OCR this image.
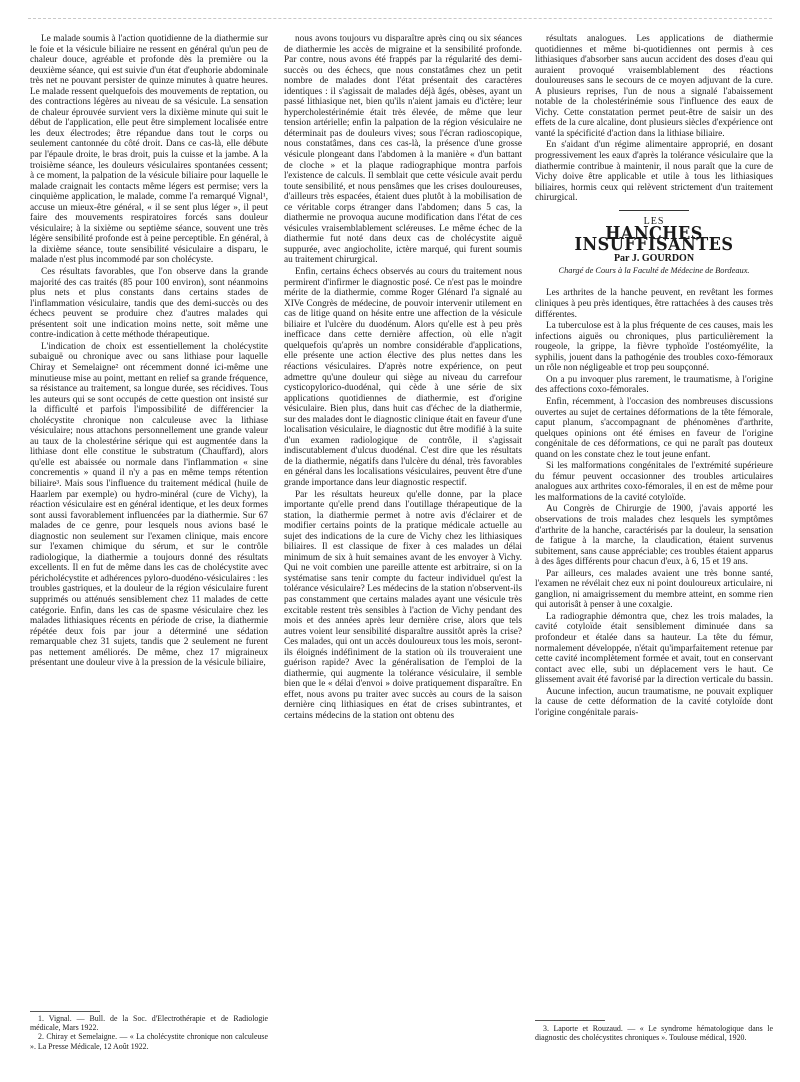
Le malade soumis à l'action quotidienne de la diathermie sur le foie et la vésicule biliaire ne ressent en général qu'un peu de chaleur douce, agréable et profonde dès la première ou la deuxième séance, qui est suivie d'un état d'euphorie abdominale très net ne pouvant persister de quinze minutes à quatre heures. Le malade ressent quelquefois des mouvements de reptation, ou des contractions légères au niveau de sa vésicule. La sensation de chaleur éprouvée survient vers la dixième minute qui suit le début de l'application, elle peut être simplement localisée entre les deux électrodes; être répandue dans tout le corps ou seulement cantonnée du côté droit. Dans ce cas-là, elle débute par l'épaule droite, le bras droit, puis la cuisse et la jambe. A la troisième séance, les douleurs vésiculaires spontanées cessent; à ce moment, la palpation de la vésicule biliaire pour laquelle le malade craignait les contacts même légers est permise; vers la cinquième application, le malade, comme l'a remarqué Vignal¹, accuse un mieux-être général, « il se sent plus léger », il peut faire des mouvements respiratoires forcés sans douleur vésiculaire; à la sixième ou septième séance, souvent une très légère sensibilité profonde est à peine perceptible. En général, à la dixième séance, toute sensibilité vésiculaire a disparu, le malade n'est plus incommodé par son cholécyste.

Ces résultats favorables, que l'on observe dans la grande majorité des cas traités (85 pour 100 environ), sont néanmoins plus nets et plus constants dans certains stades de l'inflammation vésiculaire, tandis que des demi-succès ou des échecs peuvent se produire chez d'autres malades qui présentent soit une indication moins nette, soit même une contre-indication à cette méthode thérapeutique.

L'indication de choix est essentiellement la cholécystite subaiguë ou chronique avec ou sans lithiase pour laquelle Chiray et Semelaigne² ont récemment donné ici-même une minutieuse mise au point, mettant en relief sa grande fréquence, sa résistance au traitement, sa longue durée, ses récidives. Tous les auteurs qui se sont occupés de cette question ont insisté sur la difficulté et parfois l'impossibilité de différencier la cholécystite chronique non calculeuse avec la lithiase vésiculaire; nous attachons personnellement une grande valeur au taux de la cholestérine sérique qui est augmentée dans la lithiase dont elle constitue le substratum (Chauffard), alors qu'elle est abaissée ou normale dans l'inflammation « sine concrementis » quand il n'y a pas en même temps rétention biliaire³. Mais sous l'influence du traitement médical (huile de Haarlem par exemple) ou hydro-minéral (cure de Vichy), la réaction vésiculaire est en général identique, et les deux formes sont aussi favorablement influencées par la diathermie. Sur 67 malades de ce genre, pour lesquels nous avions basé le diagnostic non seulement sur l'examen clinique, mais encore sur l'examen chimique du sérum, et sur le contrôle radiologique, la diathermie a toujours donné des résultats excellents. Il en fut de même dans les cas de cholécystite avec péricholécystite et adhérences pyloro-duodéno-vésiculaires : les troubles gastriques, et la douleur de la région vésiculaire furent supprimés ou atténués sensiblement chez 11 malades de cette catégorie. Enfin, dans les cas de spasme vésiculaire chez les malades lithiasiques récents en période de crise, la diathermie répétée deux fois par jour a déterminé une sédation remarquable chez 31 sujets, tandis que 2 seulement ne furent pas nettement améliorés. De même, chez 17 migraineux présentant une douleur vive à la pression de la vésicule biliaire,

1. Vignal. — Bull. de la Soc. d'Electrothérapie et de Radiologie médicale, Mars 1922.

2. Chiray et Semelaigne. — « La cholécystite chronique non calculeuse ». La Presse Médicale, 12 Août 1922.

nous avons toujours vu disparaître après cinq ou six séances de diathermie les accès de migraine et la sensibilité profonde. Par contre, nous avons été frappés par la régularité des demi-succès ou des échecs, que nous constatâmes chez un petit nombre de malades dont l'état présentait des caractères identiques : il s'agissait de malades déjà âgés, obèses, ayant un passé lithiasique net, bien qu'ils n'aient jamais eu d'ictère; leur hypercholestérinémie était très élevée, de même que leur tension artérielle; enfin la palpation de la région vésiculaire ne déterminait pas de douleurs vives; sous l'écran radioscopique, nous constatâmes, dans ces cas-là, la présence d'une grosse vésicule plongeant dans l'abdomen à la manière « d'un battant de cloche » et la plaque radiographique montra parfois l'existence de calculs. Il semblait que cette vésicule avait perdu toute sensibilité, et nous pensâmes que les crises douloureuses, d'ailleurs très espacées, étaient dues plutôt à la mobilisation de ce véritable corps étranger dans l'abdomen; dans 5 cas, la diathermie ne provoqua aucune modification dans l'état de ces vésicules vraisemblablement scléreuses. Le même échec de la diathermie fut noté dans deux cas de cholécystite aiguë suppurée, avec angiocholite, ictère marqué, qui furent soumis au traitement chirurgical.

Enfin, certains échecs observés au cours du traitement nous permirent d'infirmer le diagnostic posé. Ce n'est pas le moindre mérite de la diathermie, comme Roger Glénard l'a signalé au XIVe Congrès de médecine, de pouvoir intervenir utilement en cas de litige quand on hésite entre une affection de la vésicule biliaire et l'ulcère du duodénum. Alors qu'elle est à peu près inefficace dans cette dernière affection, où elle n'agit quelquefois qu'après un nombre considérable d'applications, elle présente une action élective des plus nettes dans les réactions vésiculaires. D'après notre expérience, on peut admettre qu'une douleur qui siège au niveau du carrefour cysticopylorico-duodénal, qui cède à une série de six applications quotidiennes de diathermie, est d'origine vésiculaire. Bien plus, dans huit cas d'échec de la diathermie, sur des malades dont le diagnostic clinique était en faveur d'une localisation vésiculaire, le diagnostic dut être modifié à la suite d'un examen radiologique de contrôle, il s'agissait indiscutablement d'ulcus duodénal. C'est dire que les résultats de la diathermie, négatifs dans l'ulcère du dénal, très favorables en général dans les localisations vésiculaires, peuvent être d'une grande importance dans leur diagnostic respectif.

Par les résultats heureux qu'elle donne, par la place importante qu'elle prend dans l'outillage thérapeutique de la station, la diathermie permet à notre avis d'éclairer et de modifier certains points de la pratique médicale actuelle au sujet des indications de la cure de Vichy chez les lithiasiques biliaires. Il est classique de fixer à ces malades un délai minimum de six à huit semaines avant de les envoyer à Vichy. Qui ne voit combien une pareille attente est arbitraire, si on la systématise sans tenir compte du facteur individuel qu'est la tolérance vésiculaire? Les médecins de la station n'observent-ils pas constamment que certains malades ayant une vésicule très excitable restent très sensibles à l'action de Vichy pendant des mois et des années après leur dernière crise, alors que tels autres voient leur sensibilité disparaître aussitôt après la crise? Ces malades, qui ont un accès douloureux tous les mois, seront-ils éloignés indéfiniment de la station où ils trouveraient une guérison rapide? Avec la généralisation de l'emploi de la diathermie, qui augmente la tolérance vésiculaire, il semble bien que le « délai d'envoi » doive pratiquement disparaître. En effet, nous avons pu traiter avec succès au cours de la saison dernière cinq lithiasiques en état de crises subintrantes, et certains médecins de la station ont obtenu des

résultats analogues. Les applications de diathermie quotidiennes et même bi-quotidiennes ont permis à ces lithiasiques d'absorber sans aucun accident des doses d'eau qui auraient provoqué vraisemblablement des réactions douloureuses sans le secours de ce moyen adjuvant de la cure. A plusieurs reprises, l'un de nous a signalé l'abaissement notable de la cholestérinémie sous l'influence des eaux de Vichy. Cette constatation permet peut-être de saisir un des effets de la cure alcaline, dont plusieurs siècles d'expérience ont vanté la spécificité d'action dans la lithiase biliaire.

En s'aidant d'un régime alimentaire approprié, en dosant progressivement les eaux d'après la tolérance vésiculaire que la diathermie contribue à maintenir, il nous paraît que la cure de Vichy doive être applicable et utile à tous les lithiasiques biliaires, hormis ceux qui relèvent strictement d'un traitement chirurgical.

LES
HANCHES INSUFFISANTES
Par J. GOURDON
Chargé de Cours à la Faculté de Médecine de Bordeaux.

Les arthrites de la hanche peuvent, en revêtant les formes cliniques à peu près identiques, être rattachées à des causes très différentes.

La tuberculose est à la plus fréquente de ces causes, mais les infections aiguës ou chroniques, plus particulièrement la rougeole, la grippe, la fièvre typhoïde l'ostéomyélite, la syphilis, jouent dans la pathogénie des troubles coxo-fémoraux un rôle non négligeable et trop peu soupçonné.

On a pu invoquer plus rarement, le traumatisme, à l'origine des affections coxo-fémorales.

Enfin, récemment, à l'occasion des nombreuses discussions ouvertes au sujet de certaines déformations de la tête fémorale, caput planum, s'accompagnant de phénomènes d'arthrite, quelques opinions ont été émises en faveur de l'origine congénitale de ces déformations, ce qui ne paraît pas douteux quand on les constate chez le tout jeune enfant.

Si les malformations congénitales de l'extrémité supérieure du fémur peuvent occasionner des troubles articulaires analogues aux arthrites coxo-fémorales, il en est de même pour les malformations de la cavité cotyloïde.

Au Congrès de Chirurgie de 1900, j'avais apporté les observations de trois malades chez lesquels les symptômes d'arthrite de la hanche, caractérisés par la douleur, la sensation de fatigue à la marche, la claudication, étaient survenus subitement, sans cause appréciable; ces troubles étaient apparus à des âges différents pour chacun d'eux, à 6, 15 et 19 ans.

Par ailleurs, ces malades avaient une très bonne santé, l'examen ne révélait chez eux ni point douloureux articulaire, ni ganglion, ni amaigrissement du membre atteint, en somme rien qui autorisât à penser à une coxalgie.

La radiographie démontra que, chez les trois malades, la cavité cotyloïde était sensiblement diminuée dans sa profondeur et étalée dans sa hauteur. La tête du fémur, normalement développée, n'était qu'imparfaitement retenue par cette cavité incomplètement formée et avait, tout en conservant contact avec elle, subi un déplacement vers le haut. Ce glissement avait été favorisé par la direction verticale du bassin.

Aucune infection, aucun traumatisme, ne pouvait expliquer la cause de cette déformation de la cavité cotyloïde dont l'origine congénitale parais-

3. Laporte et Rouzaud. — « Le syndrome hématologique dans le diagnostic des cholécystites chroniques ». Toulouse médical, 1920.
